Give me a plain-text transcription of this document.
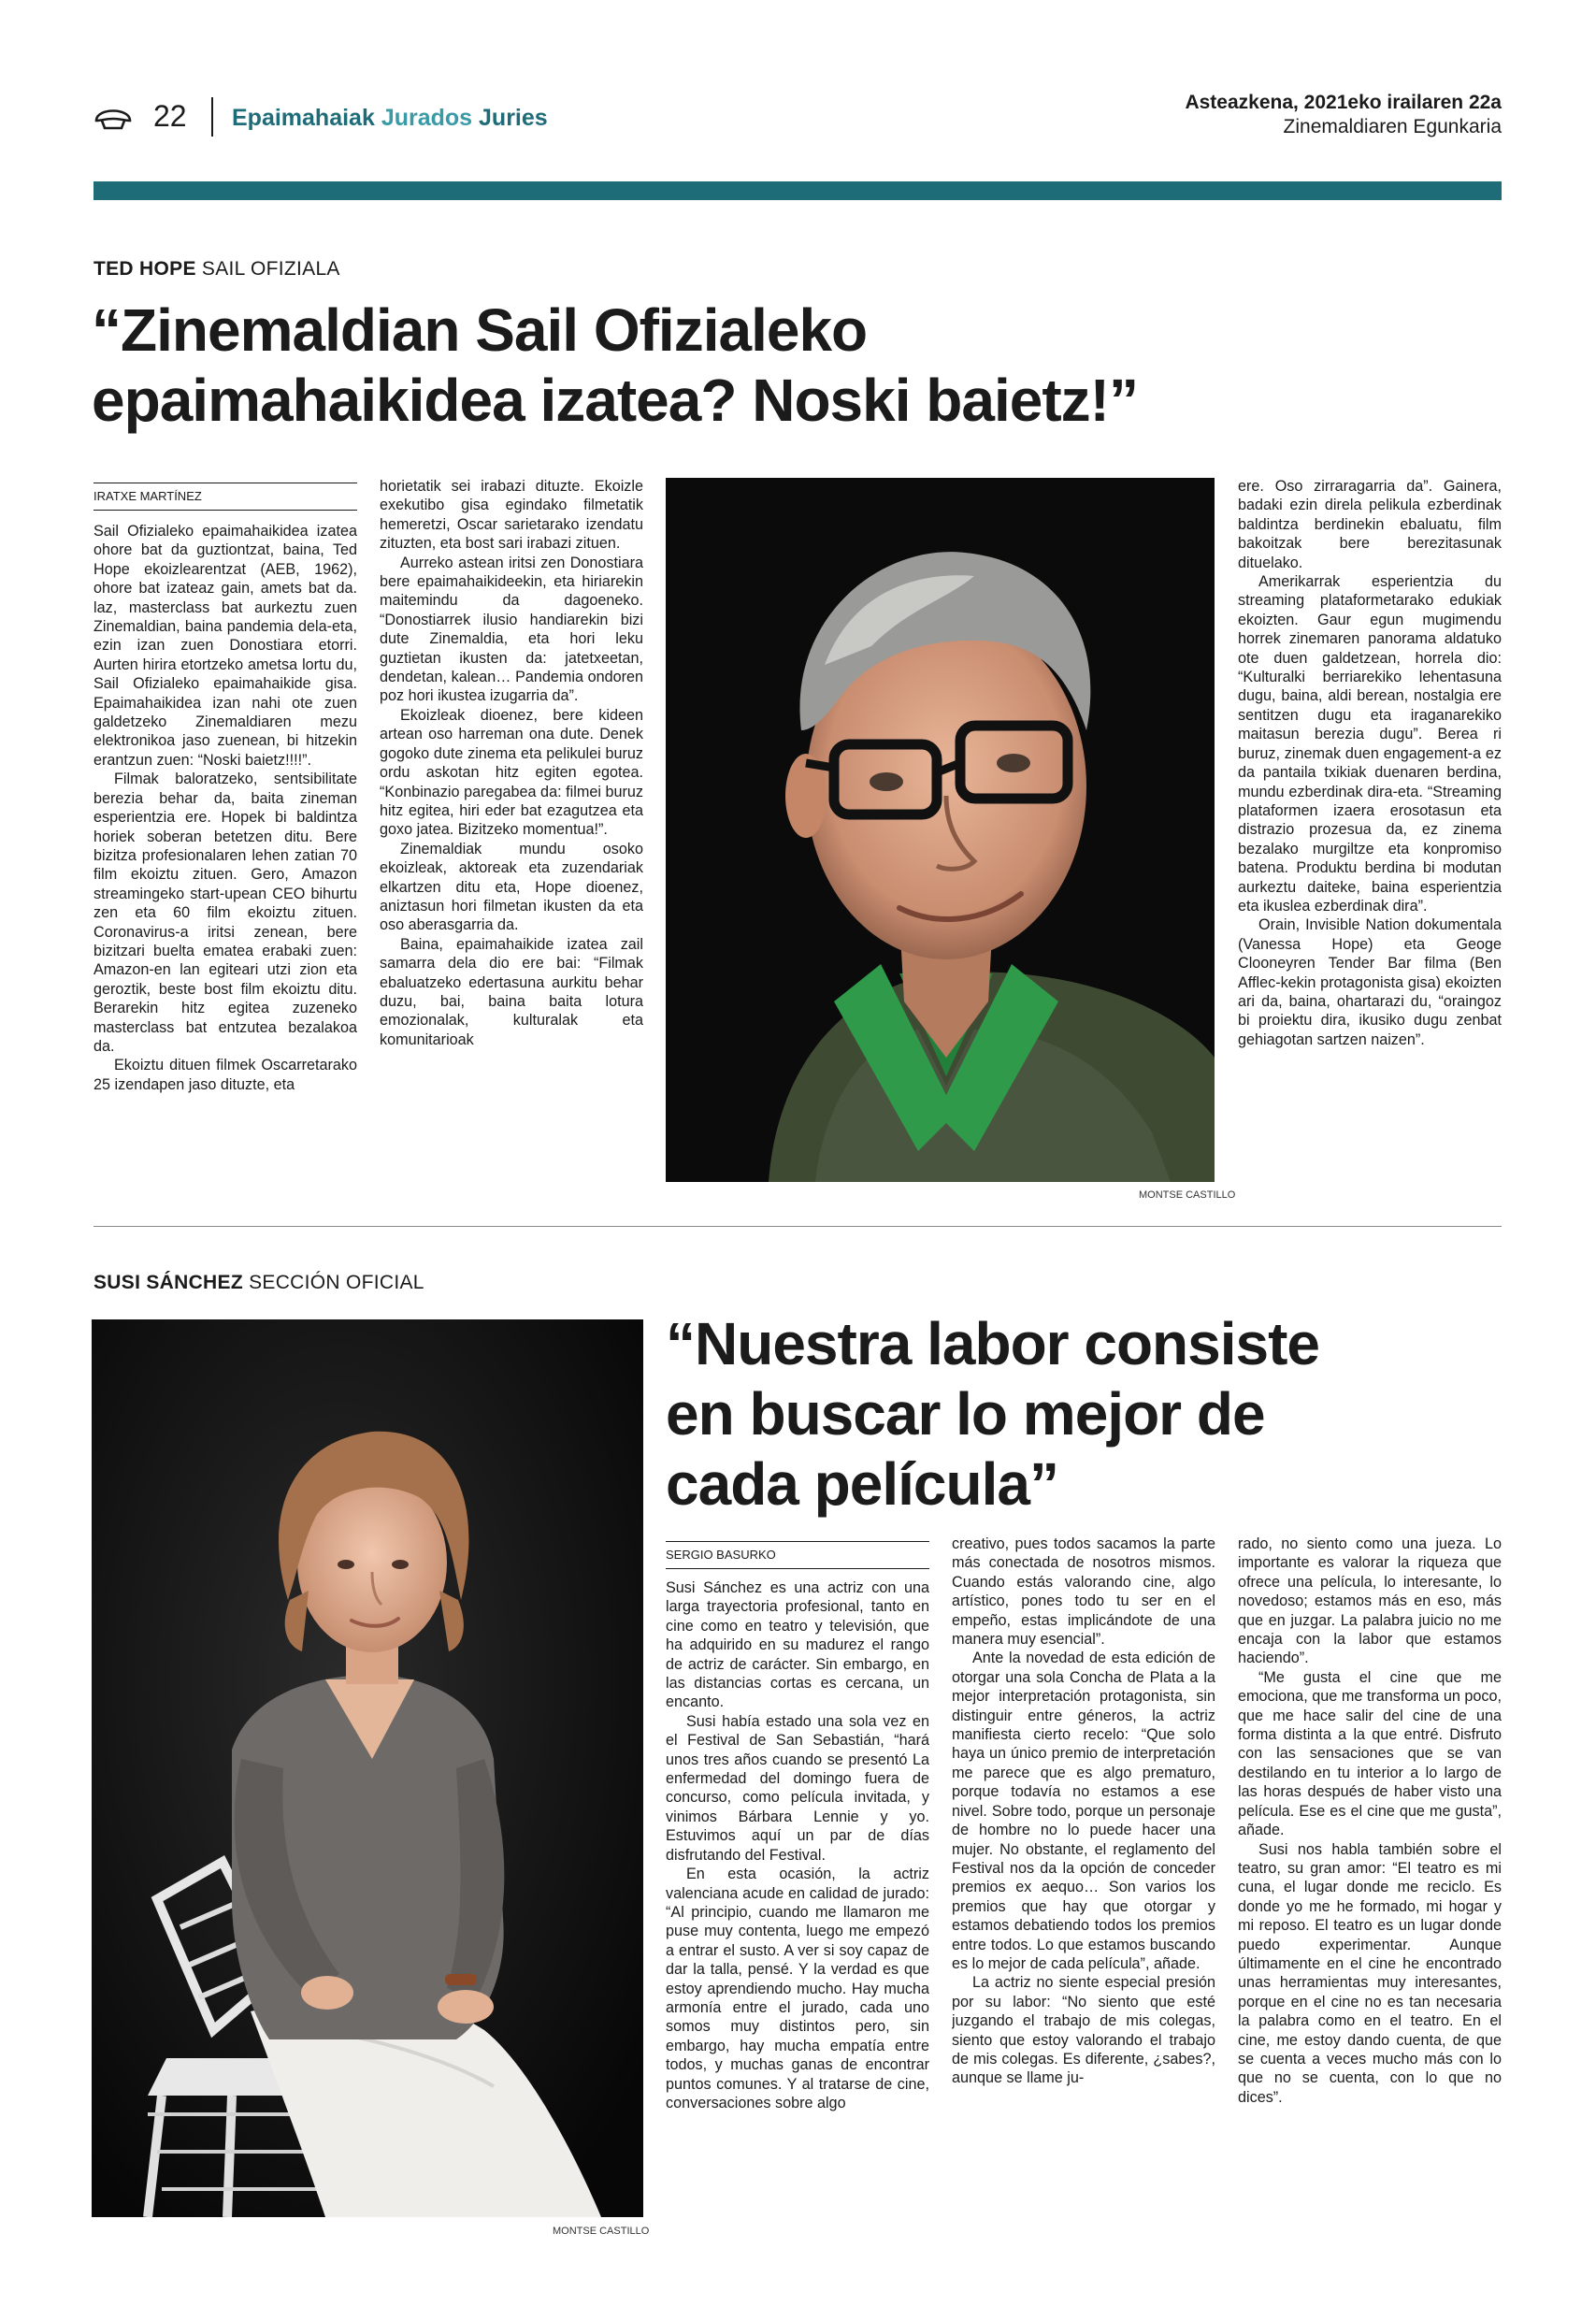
22 Epaimahaiak Jurados Juries
Asteazkena, 2021eko irailaren 22a
Zinemaldiaren Egunkaria
TED HOPE SAIL OFIZIALA
“Zinemaldian Sail Ofizialeko
epaimahaikidea izatea? Noski baietz!”
IRATXE MARTÍNEZ

Sail Ofizialeko epaimahaikidea izatea ohore bat da guztiontzat, baina, Ted Hope ekoizlearentzat (AEB, 1962), ohore bat izateaz gain, amets bat da. laz, masterclass bat aurkeztu zuen Zinemaldian, baina pandemia dela-eta, ezin izan zuen Donostiara etorri. Aurten hirira etortzeko ametsa lortu du, Sail Ofizialeko epaimahaikide gisa. Epaimahaikidea izan nahi ote zuen galdetzeko Zinemaldiaren mezu elektronikoa jaso zuenean, bi hitzekin erantzun zuen: “Noski baietz!!!!”.

Filmak baloratzeko, sentsibilitate berezia behar da, baita zineman esperientzia ere. Hopek bi baldintza horiek soberan betetzen ditu. Bere bizitza profesionalaren lehen zatian 70 film ekoiztu zituen. Gero, Amazon streamingeko start-upean CEO bihurtu zen eta 60 film ekoiztu zituen. Coronavirus-a iritsi zenean, bere bizitzari buelta ematea erabaki zuen: Amazon-en lan egiteari utzi zion eta geroztik, beste bost film ekoiztu ditu. Berarekin hitz egitea zuzeneko masterclass bat entzutea bezalakoa da.

Ekoiztu dituen filmek Oscarretarako 25 izendapen jaso dituzte, eta

horietatik sei irabazi dituzte. Ekoizle exekutibo gisa egindako filmetatik hemeretzi, Oscar sarietarako izendatu zituzten, eta bost sari irabazi zituen.

Aurreko astean iritsi zen Donostiara bere epaimahaikideekin, eta hiriarekin maitemindu da dagoeneko. “Donostiarrek ilusio handiarekin bizi dute Zinemaldia, eta hori leku guztietan ikusten da: jatetxeetan, dendetan, kalean… Pandemia ondoren poz hori ikustea izugarria da”.

Ekoizleak dioenez, bere kideen artean oso harreman ona dute. Denek gogoko dute zinema eta pelikulei buruz ordu askotan hitz egiten egotea. “Konbinazio paregabea da: filmei buruz hitz egitea, hiri eder bat ezagutzea eta goxo jatea. Bizitzeko momentua!”.

Zinemaldiak mundu osoko ekoizleak, aktoreak eta zuzendariak elkartzen ditu eta, Hope dioenez, aniztasun hori filmetan ikusten da eta oso aberasgarria da.

Baina, epaimahaikide izatea zail samarra dela dio ere bai: “Filmak ebaluatzeko edertasuna aurkitu behar duzu, bai, baina baita lotura emozionalak, kulturalak eta komunitarioak

MONTSE CASTILLO

ere. Oso zirraragarria da”. Gainera, badaki ezin direla pelikula ezberdinak baldintza berdinekin ebaluatu, film bakoitzak bere berezitasunak dituelako.

Amerikarrak esperientzia du streaming plataformetarako edukiak ekoizten. Gaur egun mugimendu horrek zinemaren panorama aldatuko ote duen galdetzean, horrela dio: “Kulturalki berriarekiko lehentasuna dugu, baina, aldi berean, nostalgia ere sentitzen dugu eta iraganarekiko maitasun berezia dugu”. Berea ri buruz, zinemak duen engagement-a ez da pantaila txikiak duenaren berdina, mundu ezberdinak dira-eta. “Streaming plataformen izaera erosotasun eta distrazio prozesua da, ez zinema bezalako murgiltze eta konpromiso batena. Produktu berdina bi modutan aurkeztu daiteke, baina esperientzia eta ikuslea ezberdinak dira”.

Orain, Invisible Nation dokumentala (Vanessa Hope) eta Geoge Clooneyren Tender Bar filma (Ben Afflec-kekin protagonista gisa) ekoizten ari da, baina, ohartarazi du, “oraingoz bi proiektu dira, ikusiko dugu zenbat gehiagotan sartzen naizen”.

SUSI SÁNCHEZ SECCIÓN OFICIAL
MONTSE CASTILLO
“Nuestra labor consiste
en buscar lo mejor de
cada película”
SERGIO BASURKO

Susi Sánchez es una actriz con una larga trayectoria profesional, tanto en cine como en teatro y televisión, que ha adquirido en su madurez el rango de actriz de carácter. Sin embargo, en las distancias cortas es cercana, un encanto.

Susi había estado una sola vez en el Festival de San Sebastián, “hará unos tres años cuando se presentó La enfermedad del domingo fuera de concurso, como película invitada, y vinimos Bárbara Lennie y yo. Estuvimos aquí un par de días disfrutando del Festival.

En esta ocasión, la actriz valenciana acude en calidad de jurado: “Al principio, cuando me llamaron me puse muy contenta, luego me empezó a entrar el susto. A ver si soy capaz de dar la talla, pensé. Y la verdad es que estoy aprendiendo mucho. Hay mucha armonía entre el jurado, cada uno somos muy distintos pero, sin embargo, hay mucha empatía entre todos, y muchas ganas de encontrar puntos comunes. Y al tratarse de cine, conversaciones sobre algo

creativo, pues todos sacamos la parte más conectada de nosotros mismos. Cuando estás valorando cine, algo artístico, pones todo tu ser en el empeño, estas implicándote de una manera muy esencial”.

Ante la novedad de esta edición de otorgar una sola Concha de Plata a la mejor interpretación protagonista, sin distinguir entre géneros, la actriz manifiesta cierto recelo: “Que solo haya un único premio de interpretación me parece que es algo prematuro, porque todavía no estamos a ese nivel. Sobre todo, porque un personaje de hombre no lo puede hacer una mujer. No obstante, el reglamento del Festival nos da la opción de conceder premios ex aequo… Son varios los premios que hay que otorgar y estamos debatiendo todos los premios entre todos. Lo que estamos buscando es lo mejor de cada película”, añade.

La actriz no siente especial presión por su labor: “No siento que esté juzgando el trabajo de mis colegas, siento que estoy valorando el trabajo de mis colegas. Es diferente, ¿sabes?, aunque se llame ju-

rado, no siento como una jueza. Lo importante es valorar la riqueza que ofrece una película, lo interesante, lo novedoso; estamos más en eso, más que en juzgar. La palabra juicio no me encaja con la labor que estamos haciendo”.

“Me gusta el cine que me emociona, que me transforma un poco, que me hace salir del cine de una forma distinta a la que entré. Disfruto con las sensaciones que se van destilando en tu interior a lo largo de las horas después de haber visto una película. Ese es el cine que me gusta”, añade.

Susi nos habla también sobre el teatro, su gran amor: “El teatro es mi cuna, el lugar donde me reciclo. Es donde yo me he formado, mi hogar y mi reposo. El teatro es un lugar donde puedo experimentar. Aunque últimamente en el cine he encontrado unas herramientas muy interesantes, porque en el cine no es tan necesaria la palabra como en el teatro. En el cine, me estoy dando cuenta, de que se cuenta a veces mucho más con lo que no se cuenta, con lo que no dices”.
